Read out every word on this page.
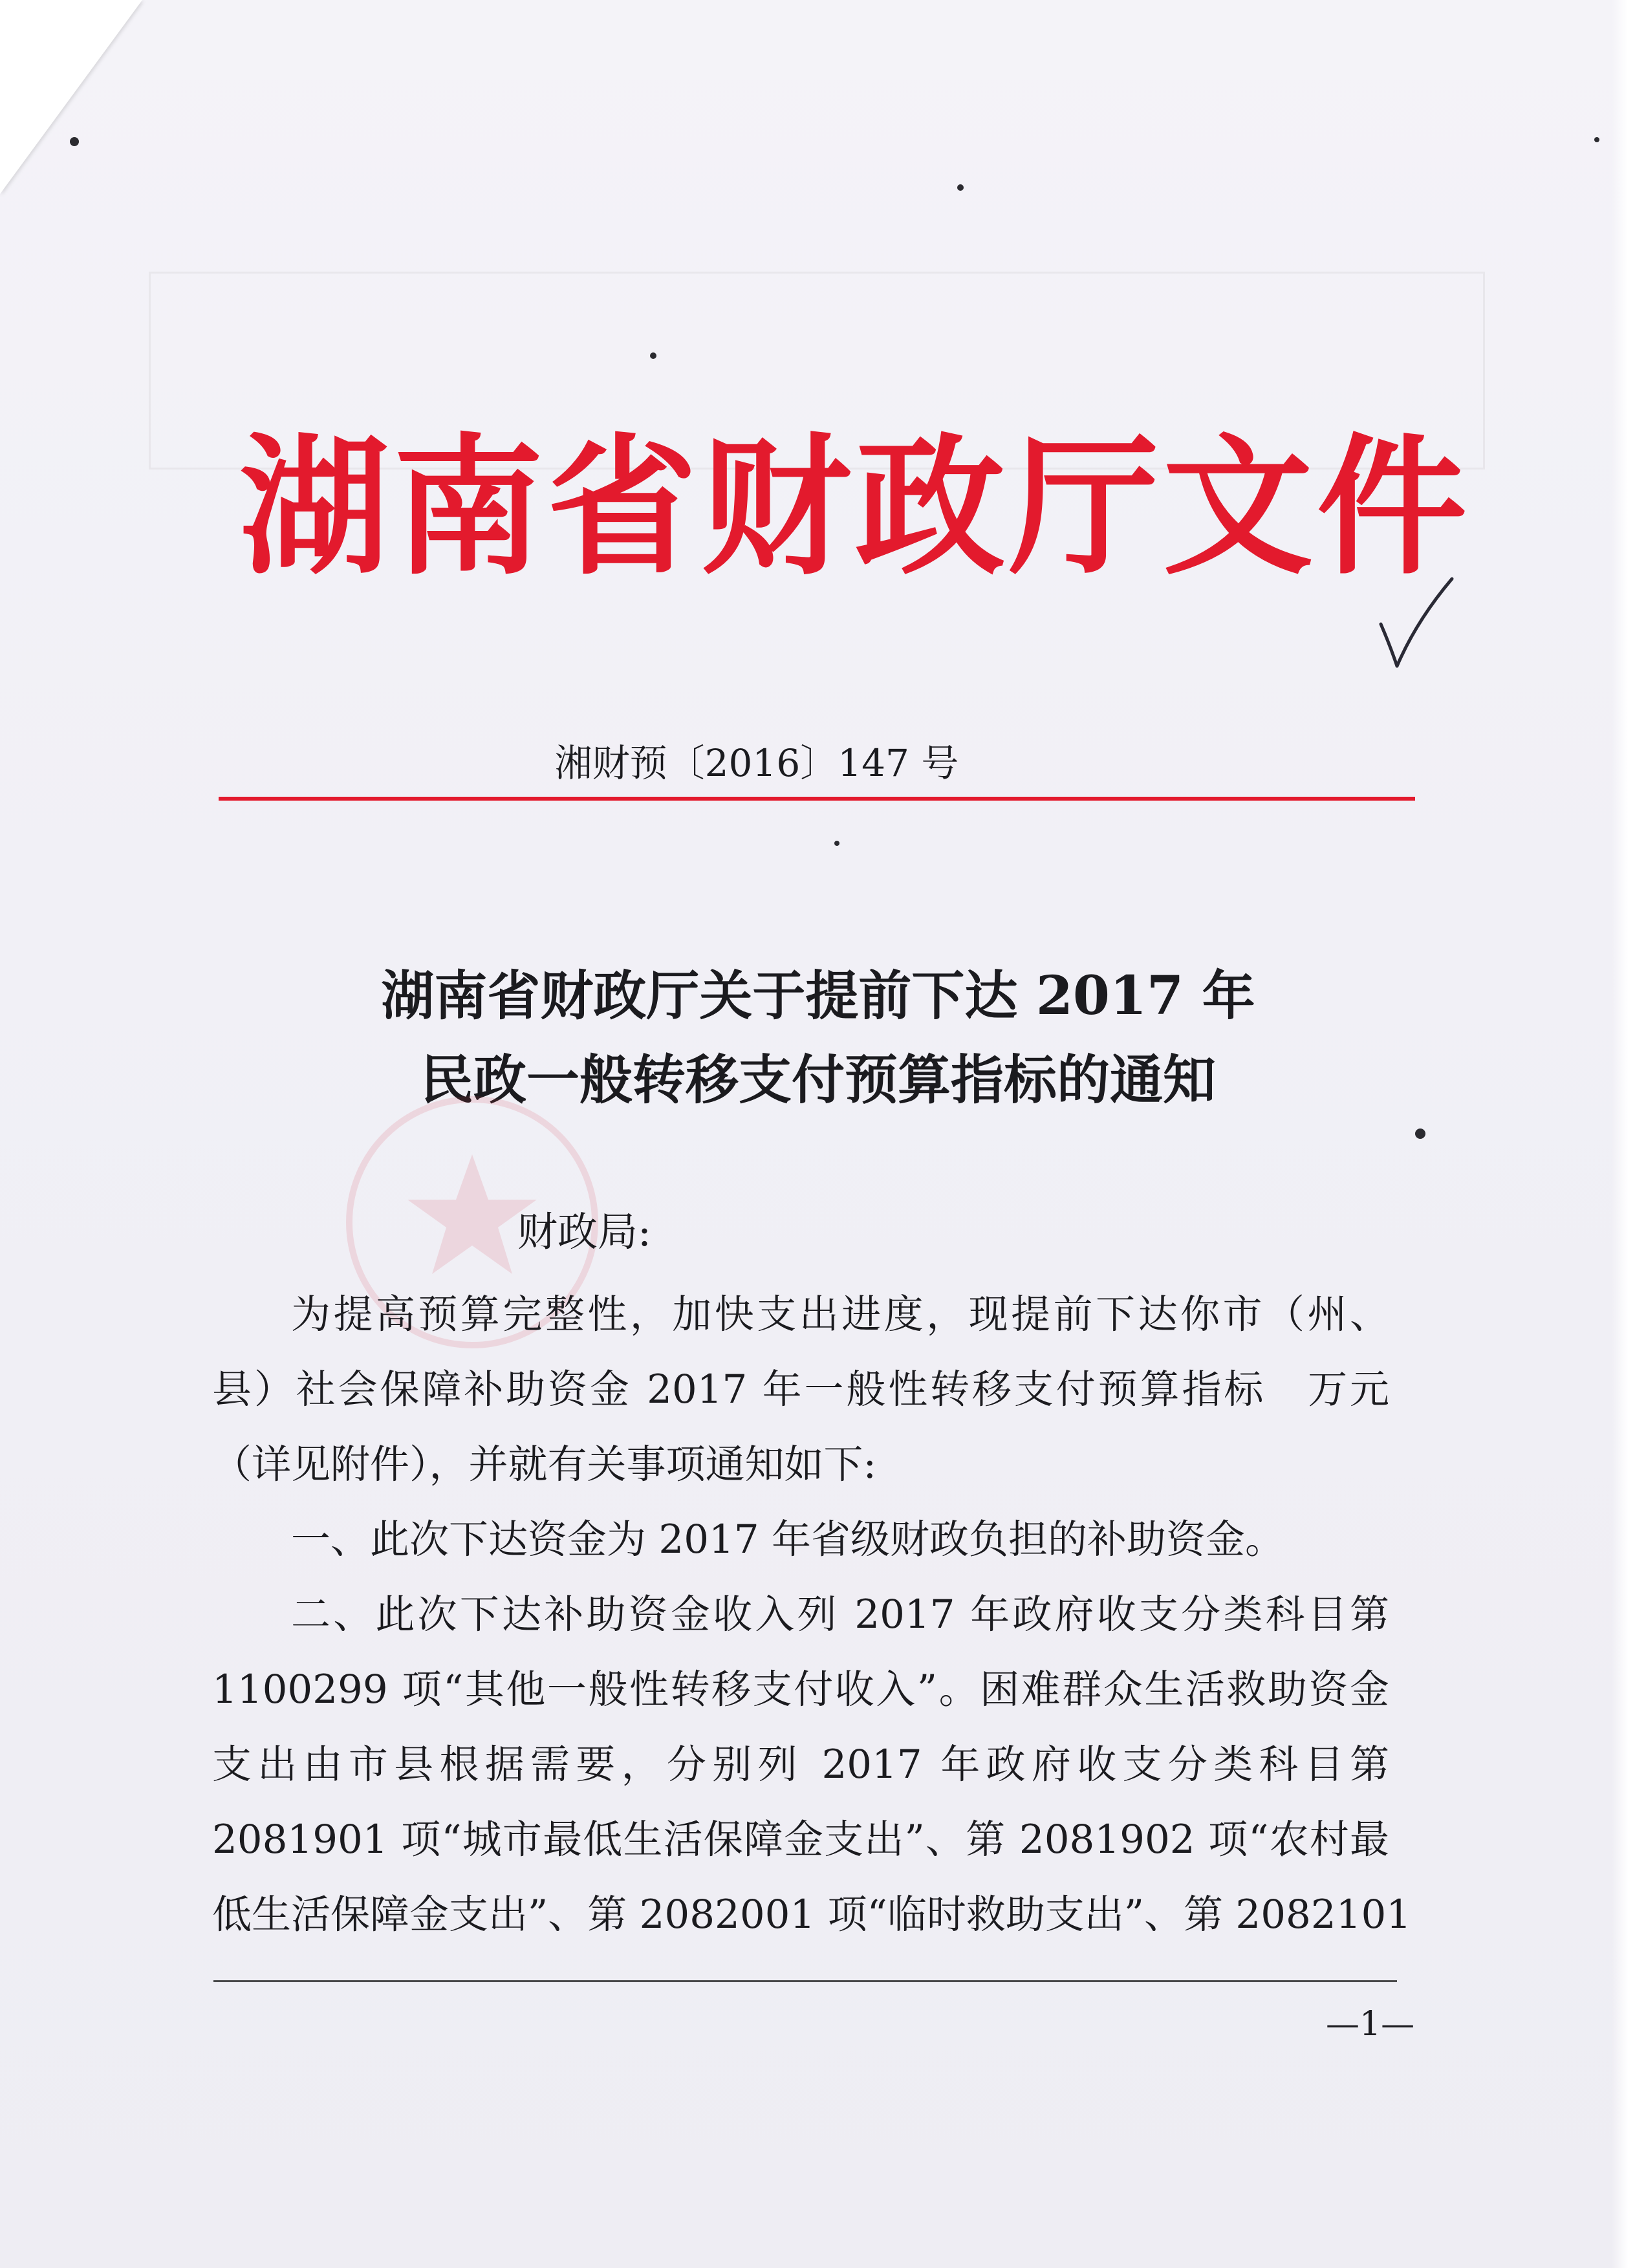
湖南省财政厅文件
湘财预〔2016〕147 号
湖南省财政厅关于提前下达 2017 年
民政一般转移支付预算指标的通知
财政局:
为提高预算完整性，加快支出进度，现提前下达你市（州、
县）社会保障补助资金 2017 年一般性转移支付预算指标　万元
（详见附件），并就有关事项通知如下:
一、此次下达资金为 2017 年省级财政负担的补助资金。
二、此次下达补助资金收入列 2017 年政府收支分类科目第
1100299 项“其他一般性转移支付收入”。困难群众生活救助资金
支出由市县根据需要，分别列 2017 年政府收支分类科目第
2081901 项“城市最低生活保障金支出”、第 2081902 项“农村最
低生活保障金支出”、第 2082001 项“临时救助支出”、第 2082101
—1—
